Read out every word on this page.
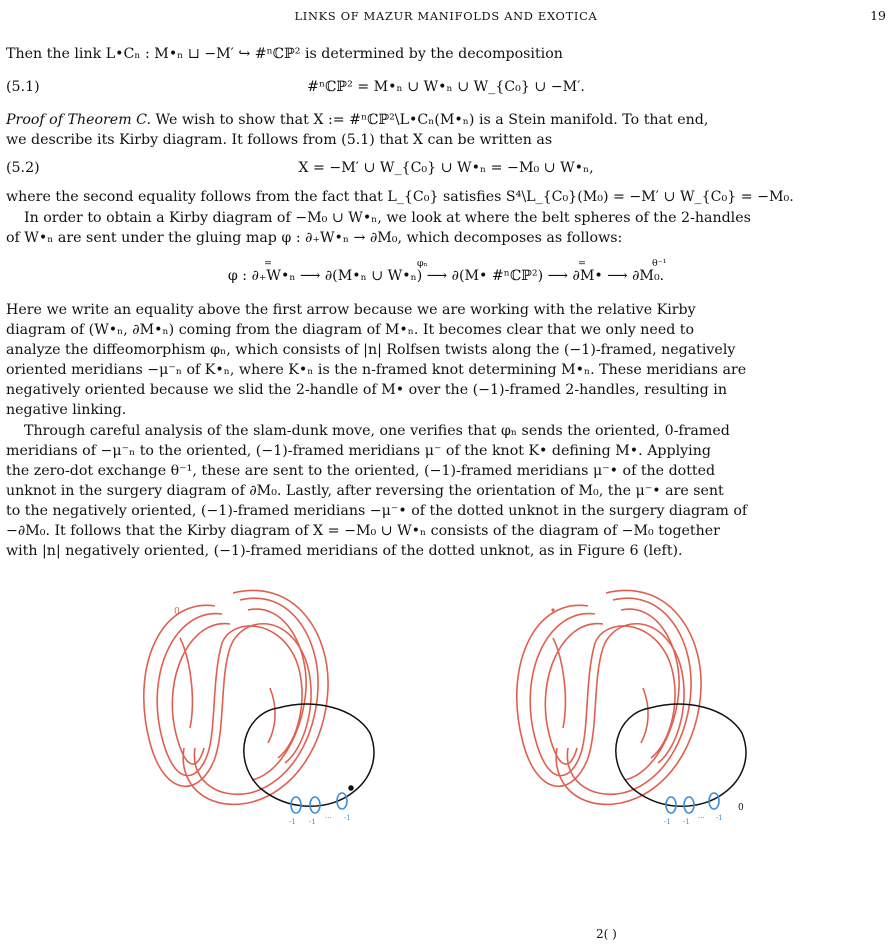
LINKS OF MAZUR MANIFOLDS AND EXOTICA	19
Then the link L•Cₙ : M•ₙ ⊔ −M′ ↪ #ⁿℂℙ² is determined by the decomposition
(5.1)	#ⁿℂℙ² = M•ₙ ∪ W•ₙ ∪ W_{C₀} ∪ −M′.
Proof of Theorem C. We wish to show that X := #ⁿℂℙ²\L•Cₙ(M•ₙ) is a Stein manifold. To that end,
we describe its Kirby diagram. It follows from (5.1) that X can be written as
(5.2)	X = −M′ ∪ W_{C₀} ∪ W•ₙ = −M₀ ∪ W•ₙ,
where the second equality follows from the fact that L_{C₀} satisfies S⁴\L_{C₀}(M₀) = −M′ ∪ W_{C₀} = −M₀.
In order to obtain a Kirby diagram of −M₀ ∪ W•ₙ, we look at where the belt spheres of the 2-handles
of W•ₙ are sent under the gluing map φ : ∂₊W•ₙ → ∂M₀, which decomposes as follows:
φ : ∂₊W•ₙ ⟶ ∂(M•ₙ ∪ W•ₙ) ⟶ ∂(M• #ⁿℂℙ²) ⟶ ∂M• ⟶ ∂M₀.
=	φₙ	=	θ⁻¹
Here we write an equality above the first arrow because we are working with the relative Kirby
diagram of (W•ₙ, ∂M•ₙ) coming from the diagram of M•ₙ. It becomes clear that we only need to
analyze the diffeomorphism φₙ, which consists of |n| Rolfsen twists along the (−1)-framed, negatively
oriented meridians −μ⁻ₙ of K•ₙ, where K•ₙ is the n-framed knot determining M•ₙ. These meridians are
negatively oriented because we slid the 2-handle of M• over the (−1)-framed 2-handles, resulting in
negative linking.
Through careful analysis of the slam-dunk move, one verifies that φₙ sends the oriented, 0-framed
meridians of −μ⁻ₙ to the oriented, (−1)-framed meridians μ⁻ of the knot K• defining M•. Applying
the zero-dot exchange θ⁻¹, these are sent to the oriented, (−1)-framed meridians μ⁻• of the dotted
unknot in the surgery diagram of ∂M₀. Lastly, after reversing the orientation of M₀, the μ⁻• are sent
to the negatively oriented, (−1)-framed meridians −μ⁻• of the dotted unknot in the surgery diagram of
−∂M₀. It follows that the Kirby diagram of X = −M₀ ∪ W•ₙ consists of the diagram of −M₀ together
with |n| negatively oriented, (−1)-framed meridians of the dotted unknot, as in Figure 6 (left).
0
-1 -1 ··· -1
0
-1 -1 ··· -1
2( )
